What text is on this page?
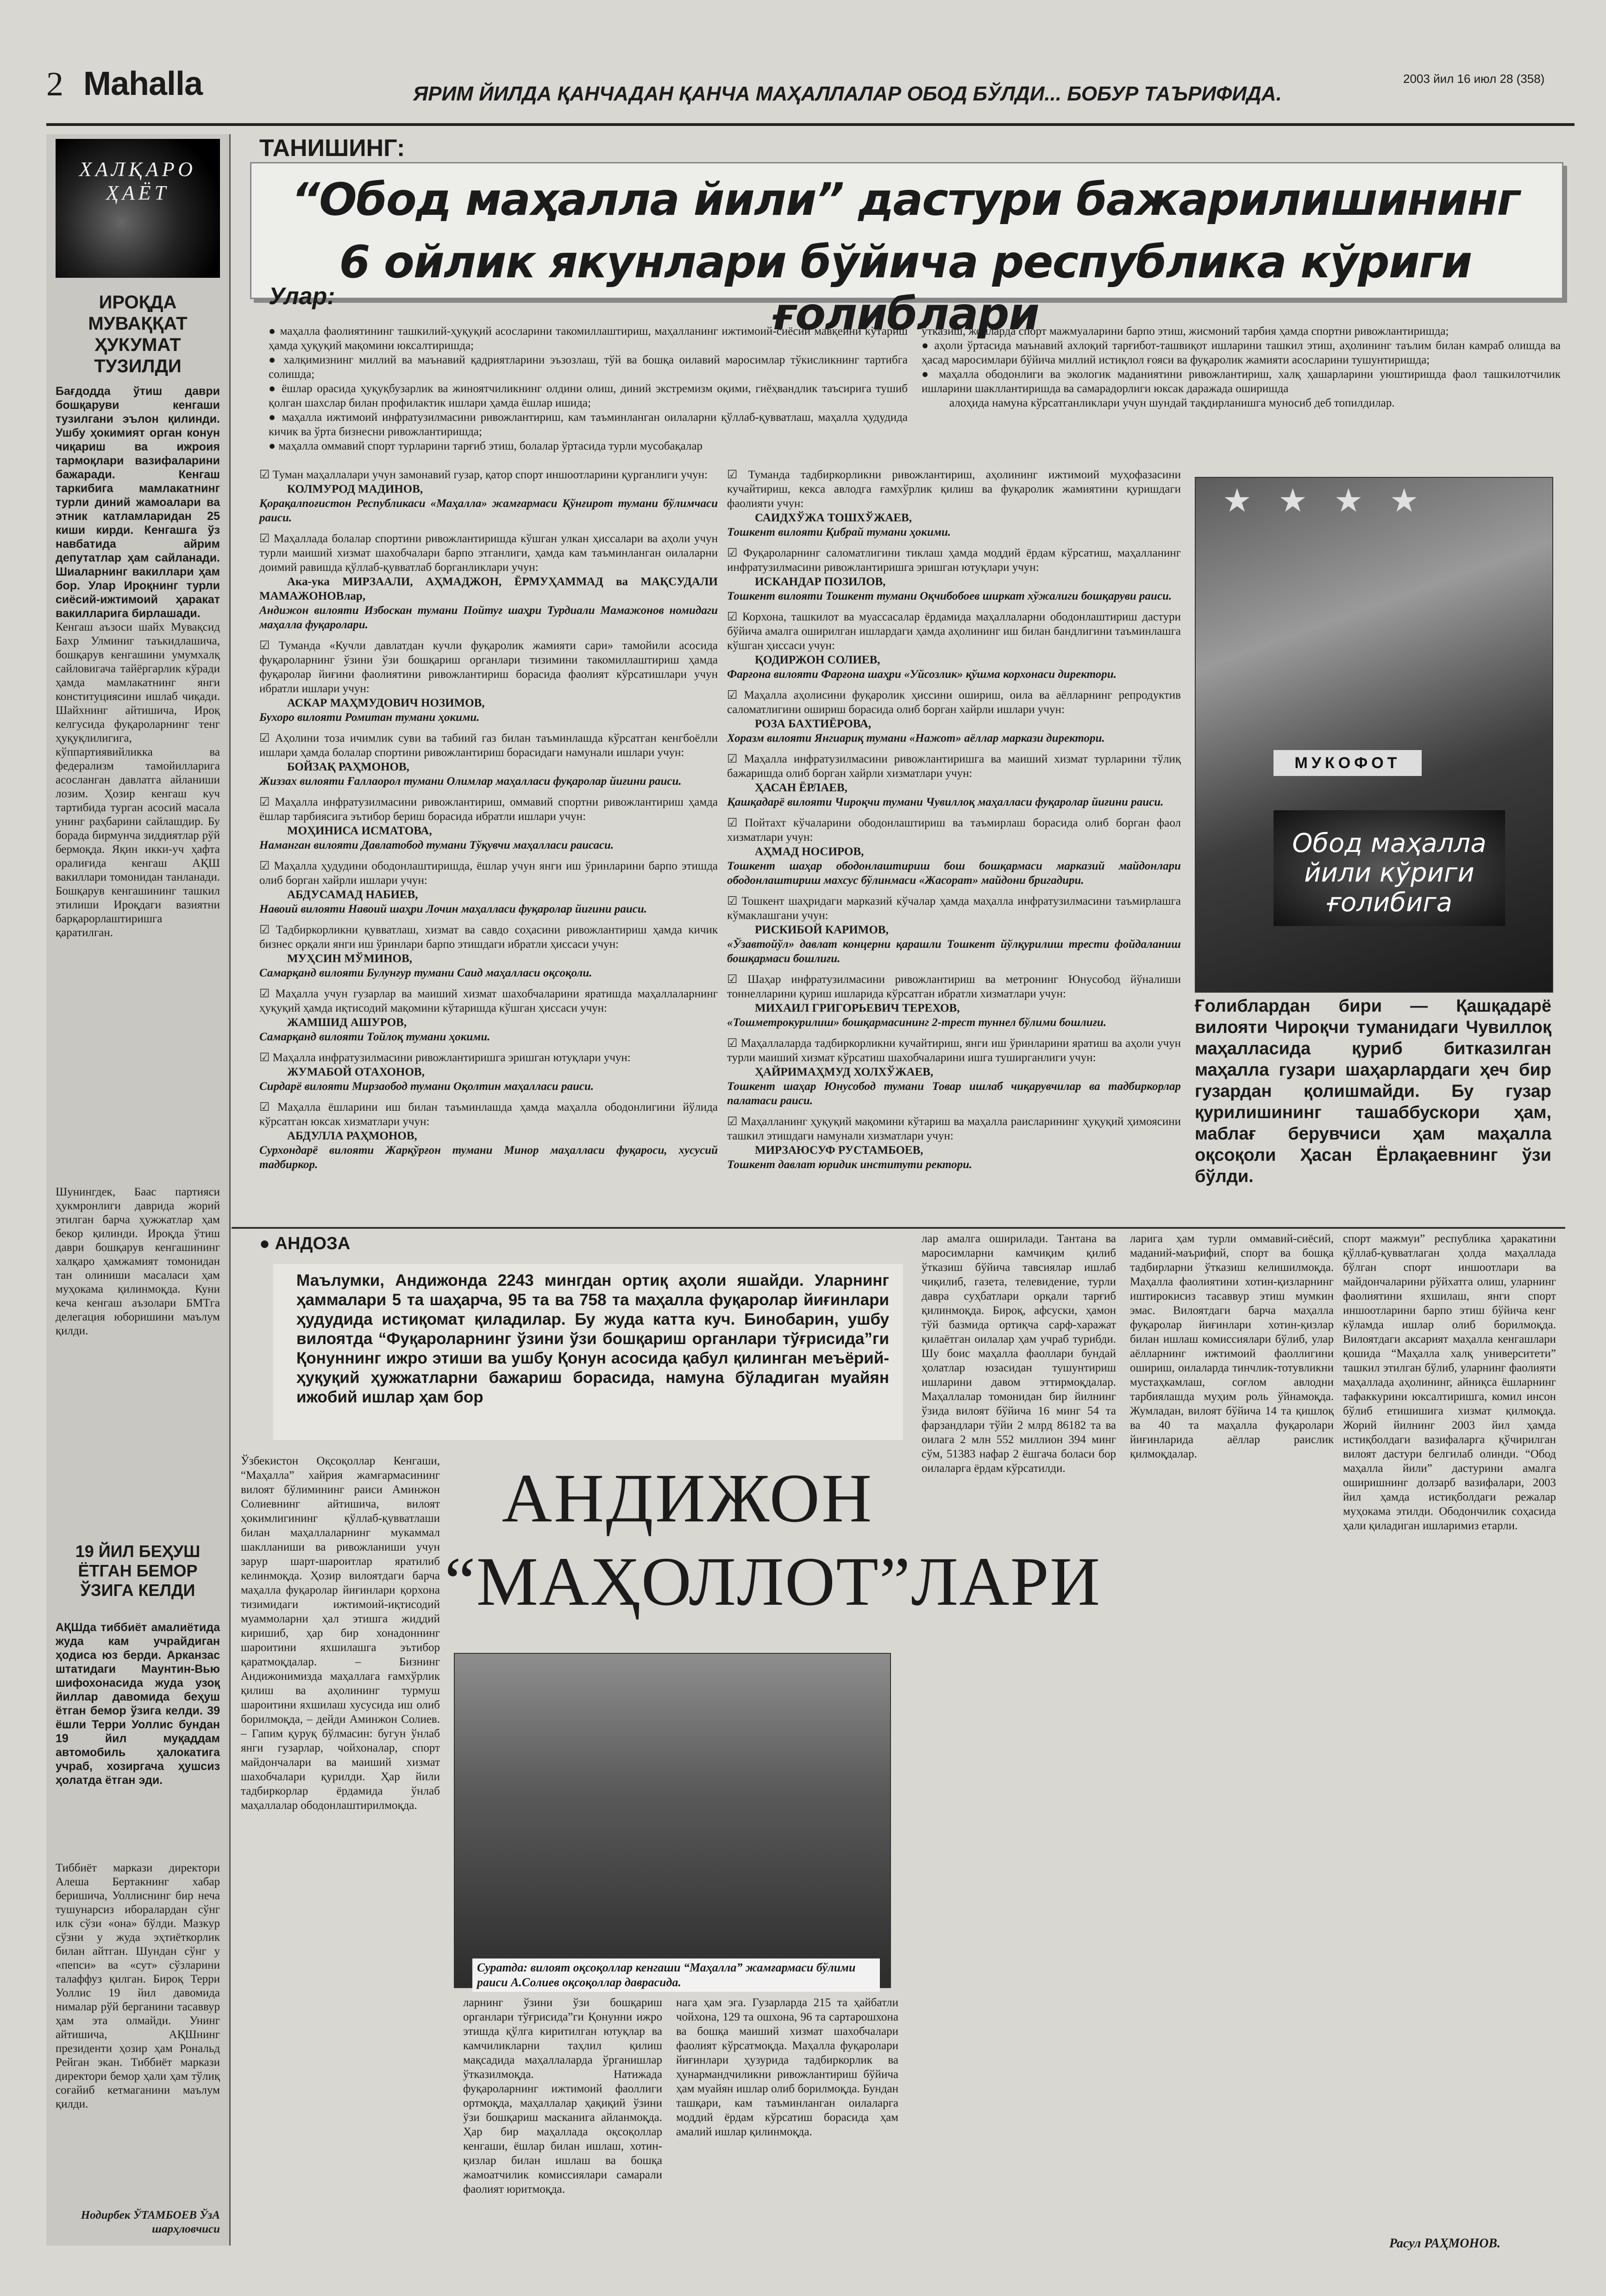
2 Mahalla	ЯРИМ ЙИЛДА ҚАНЧАДАН ҚАНЧА МАҲАЛЛАЛАР ОБОД БЎЛДИ... БОБУР ТАЪРИФИДА.
2003 йил 16 июл 28 (358)
ХАЛҚАРО ҲАЁТ
ИРОҚДА МУВАҚҚАТ ҲУКУМАТ ТУЗИЛДИ
Бағдодда ўтиш даври бошқаруви кенгаши тузилгани эълон қилинди. Ушбу ҳокимият орган конун чиқариш ва ижроия тармоқлари вазифаларини бажаради. Кенгаш таркибига мамлакатнинг турли диний жамоалари ва этник катламларидан 25 киши кирди. Кенгашга ўз навбатида айрим депутатлар ҳам сайланади. Шиаларнинг вакиллари ҳам бор. Улар Ироқнинг турли сиёсий-ижтимоий ҳаракат вакилларига бирлашади.
Кенгаш аъзоси шайх Мувақсид Бахр Улминиг таъкидлашича, бошқарув кенгашини умумхалқ сайловигача тайёргарлик кўради ҳамда мамлакатнинг янги конституциясини ишлаб чиқади. Шайхнинг айтишича, Ироқ келгусида фуқароларнинг тенг ҳуқуқлилигига, кўппартиявийликка ва федерализм тамойилларига асосланган давлатга айланиши лозим. Ҳозир кенгаш куч тартибида турган асосий масала унинг раҳбарини сайлашдир. Бу борада бирмунча зиддиятлар рўй бермоқда. Яқин икки-уч ҳафта оралиғида кенгаш АҚШ вакиллари томонидан танланади. Бошқарув кенгашининг ташкил этилиши Ироқдаги вазиятни барқарорлаштиришга қаратилган.
Шунингдек, Баас партияси ҳукмронлиги даврида жорий этилган барча ҳужжатлар ҳам бекор қилинди. Ироқда ўтиш даври бошқарув кенгашининг халқаро ҳамжамият томонидан тан олиниши масаласи ҳам муҳокама қилинмоқда. Куни кеча кенгаш аъзолари БМТга делегация юборишини маълум қилди.
19 ЙИЛ БЕҲУШ ЁТГАН БЕМОР ЎЗИГА КЕЛДИ
АҚШда тиббиёт амалиётида жуда кам учрайдиган ҳодиса юз берди. Арканзас штатидаги Маунтин-Вью шифохонасида жуда узоқ йиллар давомида беҳуш ётган бемор ўзига келди. 39 ёшли Терри Уоллис бундан 19 йил муқаддам автомобиль ҳалокатига учраб, хозиргача ҳушсиз ҳолатда ётган эди.
Тиббиёт маркази директори Алеша Бертакнинг хабар беришича, Уоллиснинг бир неча тушунарсиз иборалардан сўнг илк сўзи «она» бўлди. Мазкур сўзни у жуда эҳтиёткорлик билан айтган. Шундан сўнг у «пепси» ва «сут» сўзларини талаффуз қилган. Бироқ Терри Уоллис 19 йил давомида нималар рўй берганини тасаввур ҳам эта олмайди. Унинг айтишича, АҚШнинг президенти ҳозир ҳам Рональд Рейган экан. Тиббиёт маркази директори бемор ҳали ҳам тўлиқ соғайиб кетмаганини маълум қилди.
Нодирбек ЎТАМБОЕВ ЎзА шарҳловчиси
ТАНИШИНГ:
“Обод маҳалла йили” дастури бажарилишининг
6 ойлик якунлари бўйича республика кўриги ғолиблари
Улар:
● маҳалла фаолиятининг ташкилий-ҳуқуқий асосларини такомиллаштириш, маҳалланинг ижтимоий-сиёсий мавқеини кўтариш ҳамда ҳуқуқий мақомини юксалтиришда;
● халқимизнинг миллий ва маънавий қадриятларини эъзозлаш, тўй ва бошқа оилавий маросимлар тўкисликнинг тартибга солишда;
● ёшлар орасида ҳуқуқбузарлик ва жиноятчиликнинг олдини олиш, диний экстремизм оқими, гиёҳвандлик таъсирига тушиб қолган шахслар билан профилактик ишлари ҳамда ёшлар ишида;
● маҳалла ижтимоий инфратузилмасини ривожлантириш, кам таъминланган оилаларни қўллаб-қувватлаш, маҳалла ҳудудида кичик ва ўрта бизнесни ривожлантиришда;
● маҳалла оммавий спорт турларини тарғиб этиш, болалар ўртасида турли мусобақалар
ўтказиш, жойларда спорт мажмуаларини барпо этиш, жисмоний тарбия ҳамда спортни ривожлантиришда;
● аҳоли ўртасида маънавий ахлоқий тарғибот-ташвиқот ишларини ташкил этиш, аҳолининг таълим билан камраб олишда ва ҳасад маросимлари бўйича миллий истиқлол ғояси ва фуқаролик жамияти асосларини тушунтиришда;
● маҳалла ободонлиги ва экологик маданиятини ривожлантириш, халқ ҳашарларини уюштиришда фаол ташкилотчилик ишларини шакллантиришда ва самарадорлиги юксак даражада оширишда
алоҳида намуна кўрсатганликлари учун шундай тақдирланишга муносиб деб топилдилар.
☑ Туман маҳаллалари учун замонавий гузар, қатор спорт иншоотларини қурганлиги учун:
КОЛМУРОД МАДИНОВ,
Қорақалпоғистон Республикаси «Маҳалла» жамғармаси Қўнғирот тумани бўлимчаси раиси.
☑ Маҳаллада болалар спортини ривожлантиришда кўшган улкан ҳиссалари ва аҳоли учун турли маиший хизмат шахобчалари барпо этганлиги, ҳамда кам таъминланган оилаларни доимий равишда қўллаб-қувватлаб борганликлари учун:
Ака-ука МИРЗААЛИ, АҲМАДЖОН, ЁРМУҲАММАД ва МАҚСУДАЛИ МАМАЖОНОВлар,
Андижон вилояти Избоскан тумани Пойтуғ шаҳри Турдиали Мамажонов номидаги маҳалла фуқаролари.
☑ Туманда «Кучли давлатдан кучли фуқаролик жамияти сари» тамойили асосида фуқароларнинг ўзини ўзи бошқариш органлари тизимини такомиллаштириш ҳамда фуқаролар йиғини фаолиятини ривожлантириш борасида фаолият кўрсатишлари учун ибратли ишлари учун:
АСКАР МАҲМУДОВИЧ НОЗИМОВ,
Бухоро вилояти Ромитан тумани ҳокими.
☑ Аҳолини тоза ичимлик суви ва табиий газ билан таъминлашда кўрсатган кенгбоёлли ишлари ҳамда болалар спортини ривожлантириш борасидаги намунали ишлари учун:
БОЙЗАҚ РАҲМОНОВ,
Жиззах вилояти Ғаллаорол тумани Олимлар маҳалласи фуқаролар йиғини раиси.
☑ Маҳалла инфратузилмасини ривожлантириш, оммавий спортни ривожлантириш ҳамда ёшлар тарбиясига эътибор бериш борасида ибратли ишлари учун:
МОҲИНИСА ИСМАТОВА,
Наманган вилояти Давлатобод тумани Тўқувчи маҳалласи раисаси.
☑ Маҳалла ҳудудини ободонлаштиришда, ёшлар учун янги иш ўринларини барпо этишда олиб борган хайрли ишлари учун:
АБДУСАМАД НАБИЕВ,
Навоий вилояти Навоий шаҳри Лочин маҳалласи фуқаролар йиғини раиси.
☑ Тадбиркорликни қувватлаш, хизмат ва савдо соҳасини ривожлантириш ҳамда кичик бизнес орқали янги иш ўринлари барпо этишдаги ибратли ҳиссаси учун:
МУҲСИН МЎМИНОВ,
Самарқанд вилояти Булунғур тумани Саид маҳалласи оқсоқоли.
☑ Маҳалла учун гузарлар ва маиший хизмат шахобчаларини яратишда маҳаллаларнинг ҳуқуқий ҳамда иқтисодий мақомини кўтаришда кўшган ҳиссаси учун:
ЖАМШИД АШУРОВ,
Самарқанд вилояти Тойлоқ тумани ҳокими.
☑ Маҳалла инфратузилмасини ривожлантиришга эришган ютуқлари учун:
ЖУМАБОЙ ОТАХОНОВ,
Сирдарё вилояти Мирзаобод тумани Оқолтин маҳалласи раиси.
☑ Маҳалла ёшларини иш билан таъминлашда ҳамда маҳалла ободонлигини йўлида кўрсатган юксак хизматлари учун:
АБДУЛЛА РАҲМОНОВ,
Сурхондарё вилояти Жарқўрғон тумани Минор маҳалласи фуқароси, хусусий тадбиркор.
☑ Туманда тадбиркорликни ривожлантириш, аҳолининг ижтимоий муҳофазасини кучайтириш, кекса авлодга ғамхўрлик қилиш ва фуқаролик жамиятини қуришдаги фаолияти учун:
САИДХЎЖА ТОШХЎЖАЕВ,
Тошкент вилояти Қибрай тумани ҳокими.
☑ Фуқароларнинг саломатлигини тиклаш ҳамда моддий ёрдам кўрсатиш, маҳалланинг инфратузилмасини ривожлантиришга эришган ютуқлари учун:
ИСКАНДАР ПОЗИЛОВ,
Тошкент вилояти Тошкент тумани Оқчибобоев ширкат хўжалиги бошқаруви раиси.
☑ Корхона, ташкилот ва муассасалар ёрдамида маҳаллаларни ободонлаштириш дастури бўйича амалга оширилган ишлардаги ҳамда аҳолининг иш билан бандлигини таъминлашга кўшган ҳиссаси учун:
ҚОДИРЖОН СОЛИЕВ,
Фарғона вилояти Фарғона шаҳри «Уйсозлик» қўшма корхонаси директори.
☑ Маҳалла аҳолисини фуқаролик ҳиссини ошириш, оила ва аёлларнинг репродуктив саломатлигини ошириш борасида олиб борган хайрли ишлари учун:
РОЗА БАХТИЁРОВА,
Хоразм вилояти Янгиариқ тумани «Нажот» аёллар маркази директори.
☑ Маҳалла инфратузилмасини ривожлантиришга ва маиший хизмат турларини тўлиқ бажаришда олиб борган хайрли хизматлари учун:
ҲАСАН ЁРЛАЕВ,
Қашқадарё вилояти Чироқчи тумани Чувиллоқ маҳалласи фуқаролар йиғини раиси.
☑ Пойтахт кўчаларини ободонлаштириш ва таъмирлаш борасида олиб борган фаол хизматлари учун:
АҲМАД НОСИРОВ,
Тошкент шаҳар ободонлаштириш бош бошқармаси марказий майдонлари ободонлаштириш махсус бўлинмаси «Жасорат» майдони бригадири.
☑ Тошкент шаҳридаги марказий кўчалар ҳамда маҳалла инфратузилмасини таъмирлашга кўмаклашгани учун:
РИСКИБОЙ КАРИМОВ,
«Ўзавтойўл» давлат концерни қарашли Тошкент йўлқурилиш трести фойдаланиш бошқармаси бошлиғи.
☑ Шаҳар инфратузилмасини ривожлантириш ва метронинг Юнусобод йўналиши тоннелларини қуриш ишларида кўрсатган ибратли хизматлари учун:
МИХАИЛ ГРИГОРЬЕВИЧ ТЕРЕХОВ,
«Тошметрокурилиш» бошқармасининг 2-трест туннел бўлими бошлиғи.
☑ Маҳаллаларда тадбиркорликни кучайтириш, янги иш ўринларини яратиш ва аҳоли учун турли маиший хизмат кўрсатиш шахобчаларини ишга туширганлиги учун:
ҲАЙРИМАҲМУД ХОЛХЎЖАЕВ,
Тошкент шаҳар Юнусобод тумани Товар ишлаб чиқарувчилар ва тадбиркорлар палатаси раиси.
☑ Маҳалланинг ҳуқуқий мақомини кўтариш ва маҳалла раисларининг ҳуқуқий ҳимоясини ташкил этишдаги намунали хизматлари учун:
МИРЗАЮСУФ РУСТАМБОЕВ,
Тошкент давлат юридик институти ректори.
★ ★ ★ ★
МУКОФОТ
Обод маҳалла йили кўриги ғолибига
Ғолиблардан бири — Қашқадарё вилояти Чироқчи туманидаги Чувиллоқ маҳалласида қуриб битказилган маҳалла гузари шаҳарлардаги ҳеч бир гузардан қолишмайди. Бу гузар қурилишининг ташаббускори ҳам, маблағ берувчиси ҳам маҳалла оқсоқоли Ҳасан Ёрлақаевнинг ўзи бўлди.
● АНДОЗА
Маълумки, Андижонда 2243 мингдан ортиқ аҳоли яшайди. Уларнинг ҳаммалари 5 та шаҳарча, 95 та ва 758 та маҳалла фуқаролар йиғинлари ҳудудида истиқомат қиладилар. Бу жуда катта куч. Бинобарин, ушбу вилоятда “Фуқароларнинг ўзини ўзи бошқариш органлари тўғрисида”ги Қонуннинг ижро этиши ва ушбу Қонун асосида қабул қилинган меъёрий-ҳуқуқий ҳужжатларни бажариш борасида, намуна бўладиган муайян ижобий ишлар ҳам бор
АНДИЖОН
“МАҲОЛЛОТ”ЛАРИ
Ўзбекистон Оқсоқоллар Кенгаши, “Маҳалла” хайрия жамғармасининг вилоят бўлимининг раиси Аминжон Солиевнинг айтишича, вилоят ҳокимлигининг қўллаб-қувватлаши билан маҳаллаларнинг мукаммал шаклланиши ва ривожланиши учун зарур шарт-шароитлар яратилиб келинмоқда. Ҳозир вилоятдаги барча маҳалла фуқаролар йиғинлари қорхона тизимидаги ижтимоий-иқтисодий муаммоларни ҳал этишга жиддий киришиб, ҳар бир хонадоннинг шароитини яхшилашга эътибор қаратмоқдалар. – Бизнинг Андижонимизда маҳаллага ғамхўрлик қилиш ва аҳолининг турмуш шароитини яхшилаш хусусида иш олиб борилмоқда, – дейди Аминжон Солиев. – Гапим қуруқ бўлмасин: бугун ўнлаб янги гузарлар, чойхоналар, спорт майдончалари ва маиший хизмат шахобчалари қурилди. Ҳар йили тадбиркорлар ёрдамида ўнлаб маҳаллалар ободонлаштирилмоқда.
лар амалга оширилади. Тантана ва маросимларни камчиқим қилиб ўтказиш бўйича тавсиялар ишлаб чиқилиб, газета, телевидение, турли давра суҳбатлари орқали тарғиб қилинмоқда. Бироқ, афсуски, ҳамон тўй базмида ортиқча сарф-харажат қилаётган оилалар ҳам учраб турибди. Шу боис маҳалла фаоллари бундай ҳолатлар юзасидан тушунтириш ишларини давом эттирмоқдалар. Маҳаллалар томонидан бир йилнинг ўзида вилоят бўйича 16 минг 54 та фарзандлари тўйи 2 млрд 86182 та ва оилага 2 млн 552 миллион 394 минг сўм, 51383 нафар 2 ёшгача боласи бор оилаларга ёрдам кўрсатилди.
ларига ҳам турли оммавий-сиёсий, маданий-маърифий, спорт ва бошқа тадбирларни ўтказиш келишилмоқда. Маҳалла фаолиятини хотин-қизларнинг иштирокисиз тасаввур этиш мумкин эмас. Вилоятдаги барча маҳалла фуқаролар йиғинлари хотин-қизлар билан ишлаш комиссиялари бўлиб, улар аёлларнинг ижтимоий фаоллигини ошириш, оилаларда тинчлик-тотувликни мустаҳкамлаш, соғлом авлодни тарбиялашда муҳим роль ўйнамоқда. Жумладан, вилоят бўйича 14 та қишлоқ ва 40 та маҳалла фуқаролари йиғинларида аёллар раислик қилмоқдалар.
спорт мажмуи” республика ҳаракатини қўллаб-қувватлаган ҳолда маҳаллада бўлган спорт иншоотлари ва майдончаларини рўйхатга олиш, уларнинг фаолиятини яхшилаш, янги спорт иншоотларини барпо этиш бўйича кенг кўламда ишлар олиб борилмоқда. Вилоятдаги аксарият маҳалла кенгашлари қошида “Маҳалла халқ университети” ташкил этилган бўлиб, уларнинг фаолияти маҳаллада аҳолининг, айниқса ёшларнинг тафаккурини юксалтиришга, комил инсон бўлиб етишишига хизмат қилмоқда. Жорий йилнинг 2003 йил ҳамда истиқболдаги вазифаларга қўчирилган вилоят дастури белгилаб олинди. “Обод маҳалла йили” дастурини амалга оширишнинг долзарб вазифалари, 2003 йил ҳамда истиқболдаги режалар муҳокама этилди. Ободончилик соҳасида ҳали қиладиган ишларимиз етарли.
Суратда: вилоят оқсоқоллар кенгаши “Маҳалла” жамғармаси бўлими раиси А.Солиев оқсоқоллар даврасида.
ларнинг ўзини ўзи бошқариш органлари тўғрисида”ги Қонунни ижро этишда қўлга киритилган ютуқлар ва камчиликларни таҳлил қилиш мақсадида маҳаллаларда ўрганишлар ўтказилмоқда. Натижада фуқароларнинг ижтимоий фаоллиги ортмоқда, маҳаллалар ҳақиқий ўзини ўзи бошқариш масканига айланмоқда. Ҳар бир маҳаллада оқсоқоллар кенгаши, ёшлар билан ишлаш, хотин-қизлар билан ишлаш ва бошқа жамоатчилик комиссиялари самарали фаолият юритмоқда.
нага ҳам эга. Гузарларда 215 та ҳайбатли чойхона, 129 та ошхона, 96 та сартарошхона ва бошқа маиший хизмат шахобчалари фаолият кўрсатмоқда. Маҳалла фуқаролари йиғинлари ҳузурида тадбиркорлик ва ҳунармандчиликни ривожлантириш бўйича ҳам муайян ишлар олиб борилмоқда. Бундан ташқари, кам таъминланган оилаларга моддий ёрдам кўрсатиш борасида ҳам амалий ишлар қилинмоқда.
Расул РАҲМОНОВ.
